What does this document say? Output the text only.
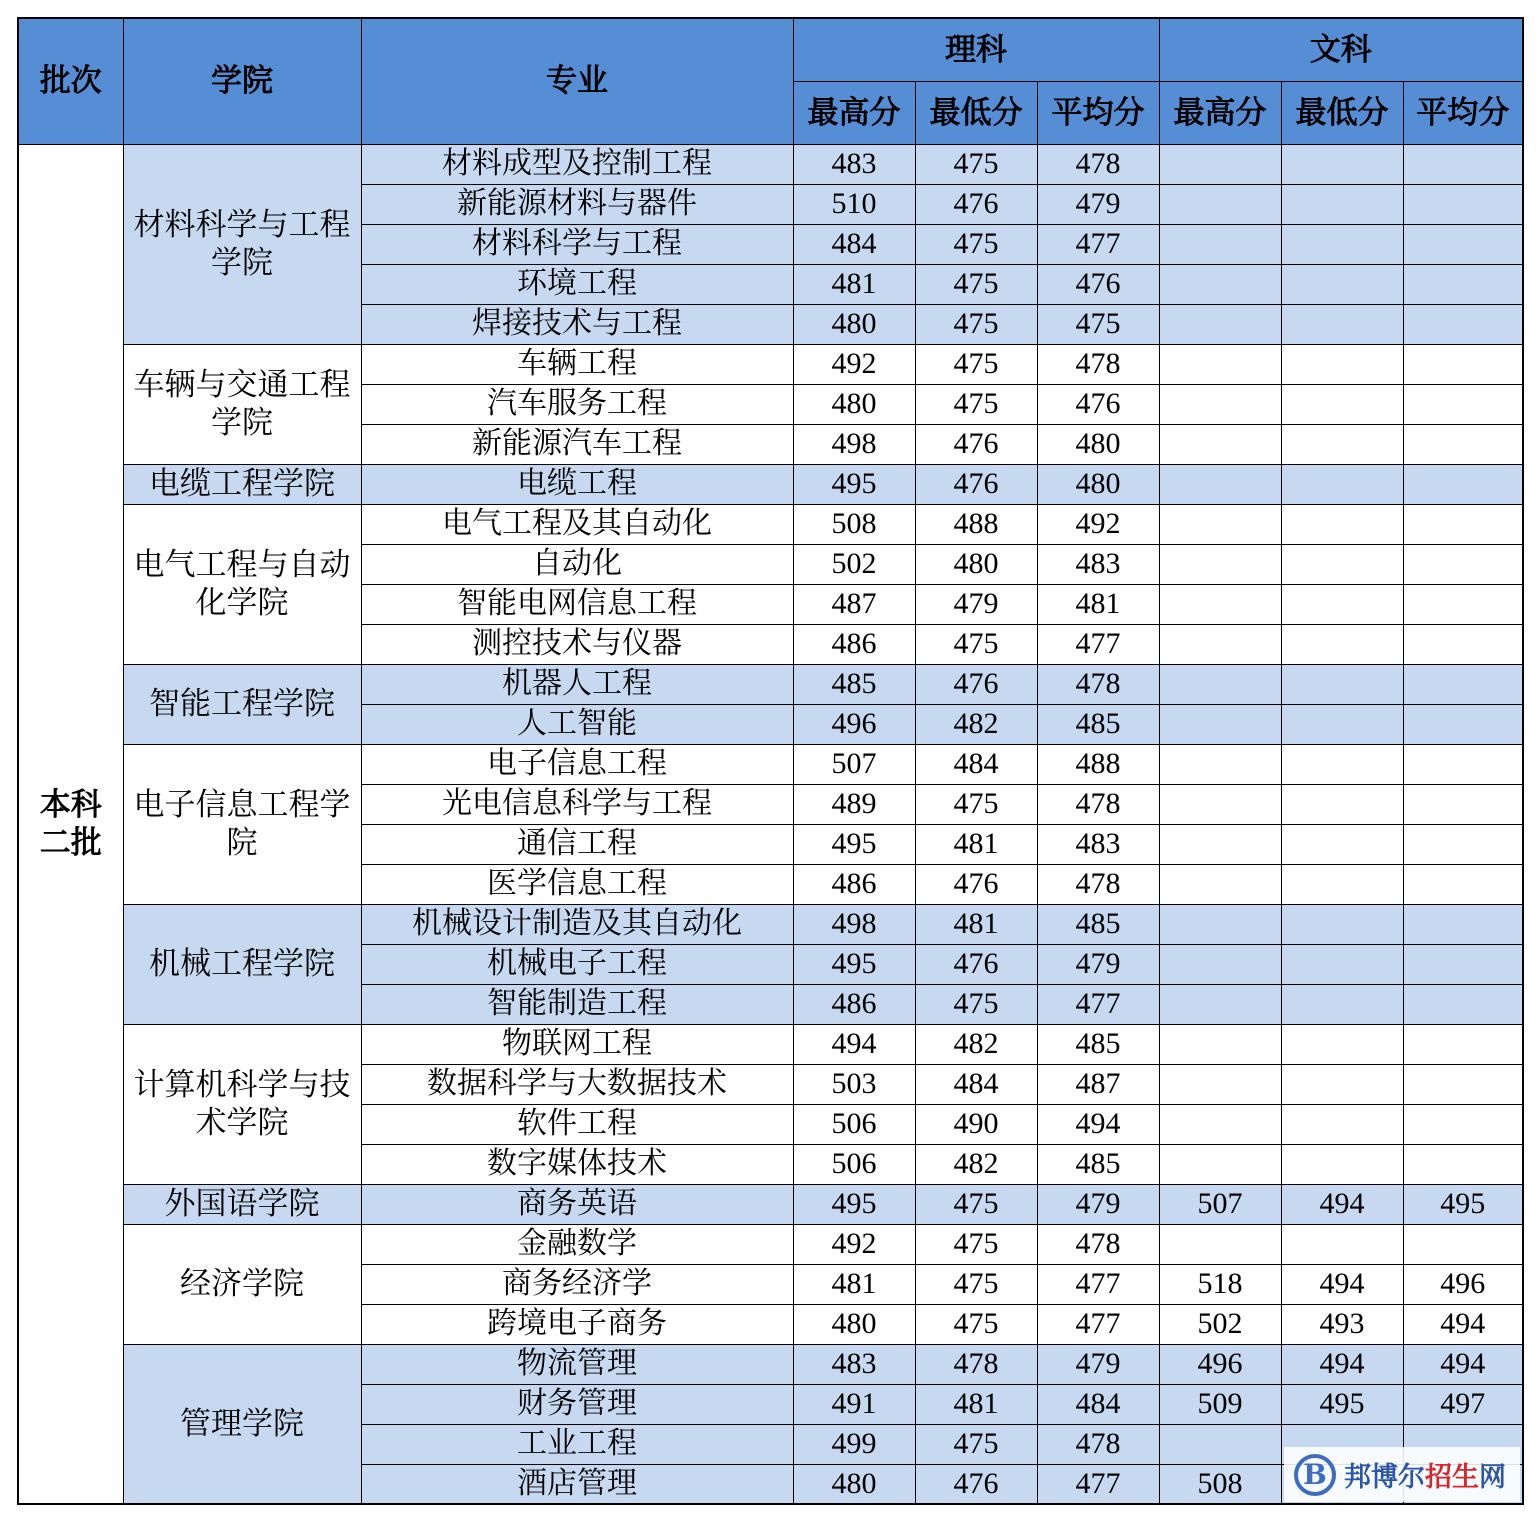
批次	学院	专业	理科			文科		
			最高分	最低分	平均分	最高分	最低分	平均分

本科二批	材料科学与工程学院	材料成型及控制工程	483	475	478			
		新能源材料与器件	510	476	479			
		材料科学与工程	484	475	477			
		环境工程	481	475	476			
		焊接技术与工程	480	475	475			
	车辆与交通工程学院	车辆工程	492	475	478			
		汽车服务工程	480	475	476			
		新能源汽车工程	498	476	480			
	电缆工程学院	电缆工程	495	476	480			
	电气工程与自动化学院	电气工程及其自动化	508	488	492			
		自动化	502	480	483			
		智能电网信息工程	487	479	481			
		测控技术与仪器	486	475	477			
	智能工程学院	机器人工程	485	476	478			
		人工智能	496	482	485			
	电子信息工程学院	电子信息工程	507	484	488			
		光电信息科学与工程	489	475	478			
		通信工程	495	481	483			
		医学信息工程	486	476	478			
	机械工程学院	机械设计制造及其自动化	498	481	485			
		机械电子工程	495	476	479			
		智能制造工程	486	475	477			
	计算机科学与技术学院	物联网工程	494	482	485			
		数据科学与大数据技术	503	484	487			
		软件工程	506	490	494			
		数字媒体技术	506	482	485			
	外国语学院	商务英语	495	475	479	507	494	495
	经济学院	金融数学	492	475	478			
		商务经济学	481	475	477	518	494	496
		跨境电子商务	480	475	477	502	493	494
	管理学院	物流管理	483	478	479	496	494	494
		财务管理	491	481	484	509	495	497
		工业工程	499	475	478			
		酒店管理	480	476	477	508			B 邦博尔招生网
